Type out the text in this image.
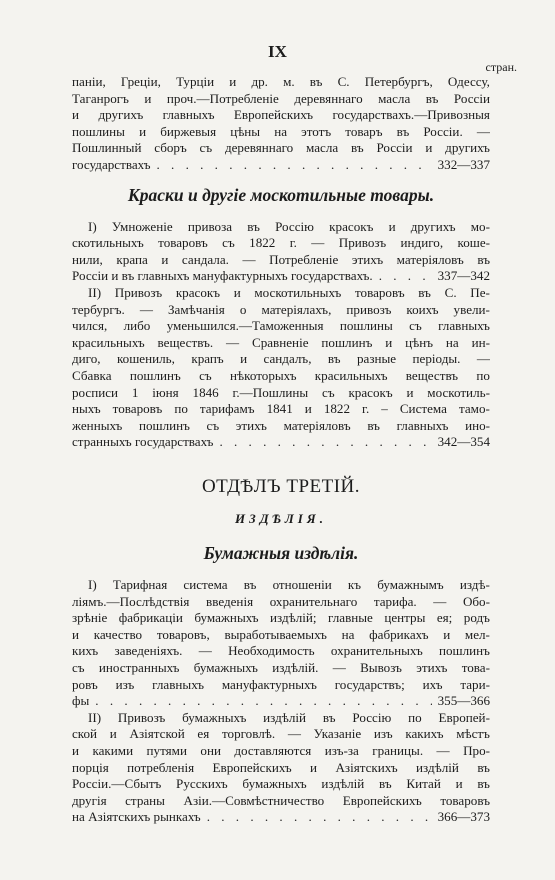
IX
стран.
паніи, Греціи, Турціи и др. м. въ С. Петербургъ, Одессу,
Таганрогъ и проч.—Потребленіе деревяннаго масла въ Россіи
и другихъ главныхъ Европейскихъ государствахъ.—Привозныя
пошлины и биржевыя цѣны на этотъ товаръ въ Россіи. —
Пошлинный сборъ съ деревяннаго масла въ Россіи и другихъ
государствахъ . . .	332—337
Краски и другіе москотильные товары.
I) Умноженіе привоза въ Россію красокъ и другихъ мо-
скотильныхъ товаровъ съ 1822 г. — Привозъ индиго, коше-
нили, крапа и сандала. — Потребленіе этихъ матеріяловъ въ
Россіи и въ главныхъ мануфактурныхъ государствахъ. . . .	337—342
II) Привозъ красокъ и москотильныхъ товаровъ въ С. Пе-
тербургъ. — Замѣчанія о матеріялахъ, привозъ коихъ увели-
чился, либо уменьшился.—Таможенныя пошлины съ главныхъ
красильныхъ веществъ. — Сравненіе пошлинъ и цѣнъ на ин-
диго, кошениль, крапъ и сандалъ, въ разные періоды. —
Сбавка пошлинъ съ нѣкоторыхъ красильныхъ веществъ по
росписи 1 іюня 1846 г.—Пошлины съ красокъ и москотиль-
ныхъ товаровъ по тарифамъ 1841 и 1822 г. – Система тамо-
женныхъ пошлинъ съ этихъ матеріяловъ въ главныхъ ино-
странныхъ государствахъ . . .	342—354
ОТДѢЛЪ ТРЕТІЙ.
ИЗДѢЛІЯ.
Бумажныя издѣлія.
I) Тарифная система въ отношеніи къ бумажнымъ издѣ-
ліямъ.—Послѣдствія введенія охранительнаго тарифа. — Обо-
зрѣніе фабрикаціи бумажныхъ издѣлій; главные центры ея; родъ
и качество товаровъ, выработываемыхъ на фабрикахъ и мел-
кихъ заведеніяхъ. — Необходимость охранительныхъ пошлинъ
съ иностранныхъ бумажныхъ издѣлій. — Вывозъ этихъ това-
ровъ изъ главныхъ мануфактурныхъ государствъ; ихъ тари-
фы . . .	355—366
II) Привозъ бумажныхъ издѣлій въ Россію по Европей-
ской и Азіятской ея торговлѣ. — Указаніе изъ какихъ мѣстъ
и какими путями они доставляются изъ-за границы. — Про-
порція потребленія Европейскихъ и Азіятскихъ издѣлій въ
Россіи.—Сбытъ Русскихъ бумажныхъ издѣлій въ Китай и въ
другія страны Азіи.—Совмѣстничество Европейскихъ товаровъ
на Азіятскихъ рынкахъ . . .	366—373
